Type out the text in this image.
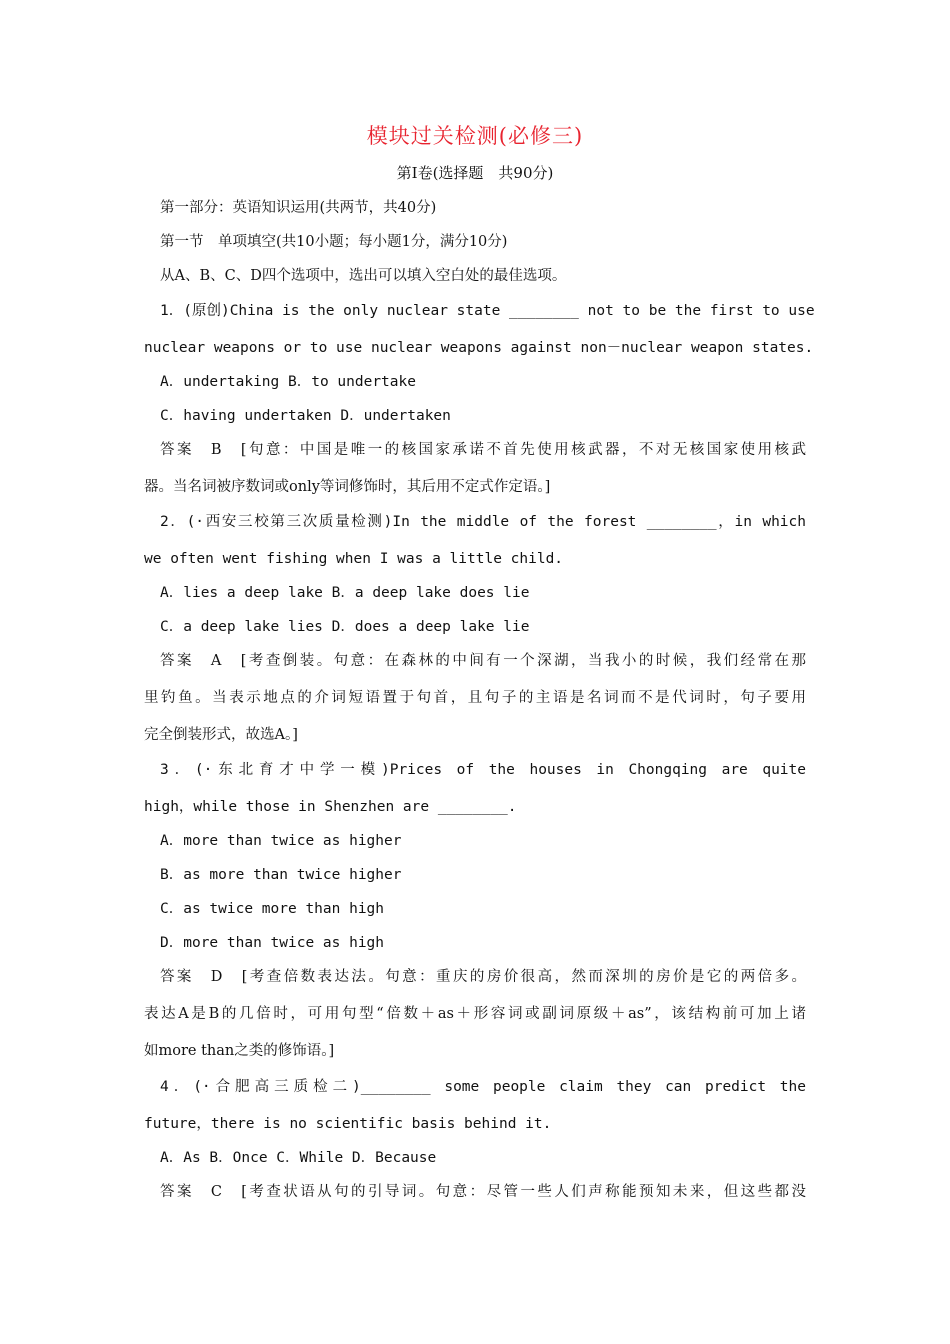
模块过关检测(必修三)
第Ⅰ卷(选择题　共90分)
第一部分：英语知识运用(共两节，共40分)
第一节　单项填空(共10小题；每小题1分，满分10分)
从A、B、C、D四个选项中，选出可以填入空白处的最佳选项。
1．(原创)China is the only nuclear state ________ not to be the first to use
nuclear weapons or to use nuclear weapons against non－nuclear weapon states.
A．undertaking B．to undertake
C．having undertaken D．undertaken
答案　B　[句意：中国是唯一的核国家承诺不首先使用核武器，不对无核国家使用核武
器。当名词被序数词或only等词修饰时，其后用不定式作定语。]
2．(·西安三校第三次质量检测)In the middle of the forest ________，in which
we often went fishing when I was a little child.
A．lies a deep lake B．a deep lake does lie
C．a deep lake lies D．does a deep lake lie
答案　A　[考查倒装。句意：在森林的中间有一个深湖，当我小的时候，我们经常在那
里钓鱼。当表示地点的介词短语置于句首，且句子的主语是名词而不是代词时，句子要用
完全倒装形式，故选A。]
3．(·东北育才中学一模)Prices of the houses in Chongqing are quite
high，while those in Shenzhen are ________.
A．more than twice as higher
B．as more than twice higher
C．as twice more than high
D．more than twice as high
答案　D　[考查倍数表达法。句意：重庆的房价很高，然而深圳的房价是它的两倍多。
表达A是B的几倍时，可用句型“倍数＋as＋形容词或副词原级＋as”，该结构前可加上诸
如more than之类的修饰语。]
4．(·合肥高三质检二)________ some people claim they can predict the
future，there is no scientific basis behind it.
A．As B．Once C．While D．Because
答案　C　[考查状语从句的引导词。句意：尽管一些人们声称能预知未来，但这些都没
